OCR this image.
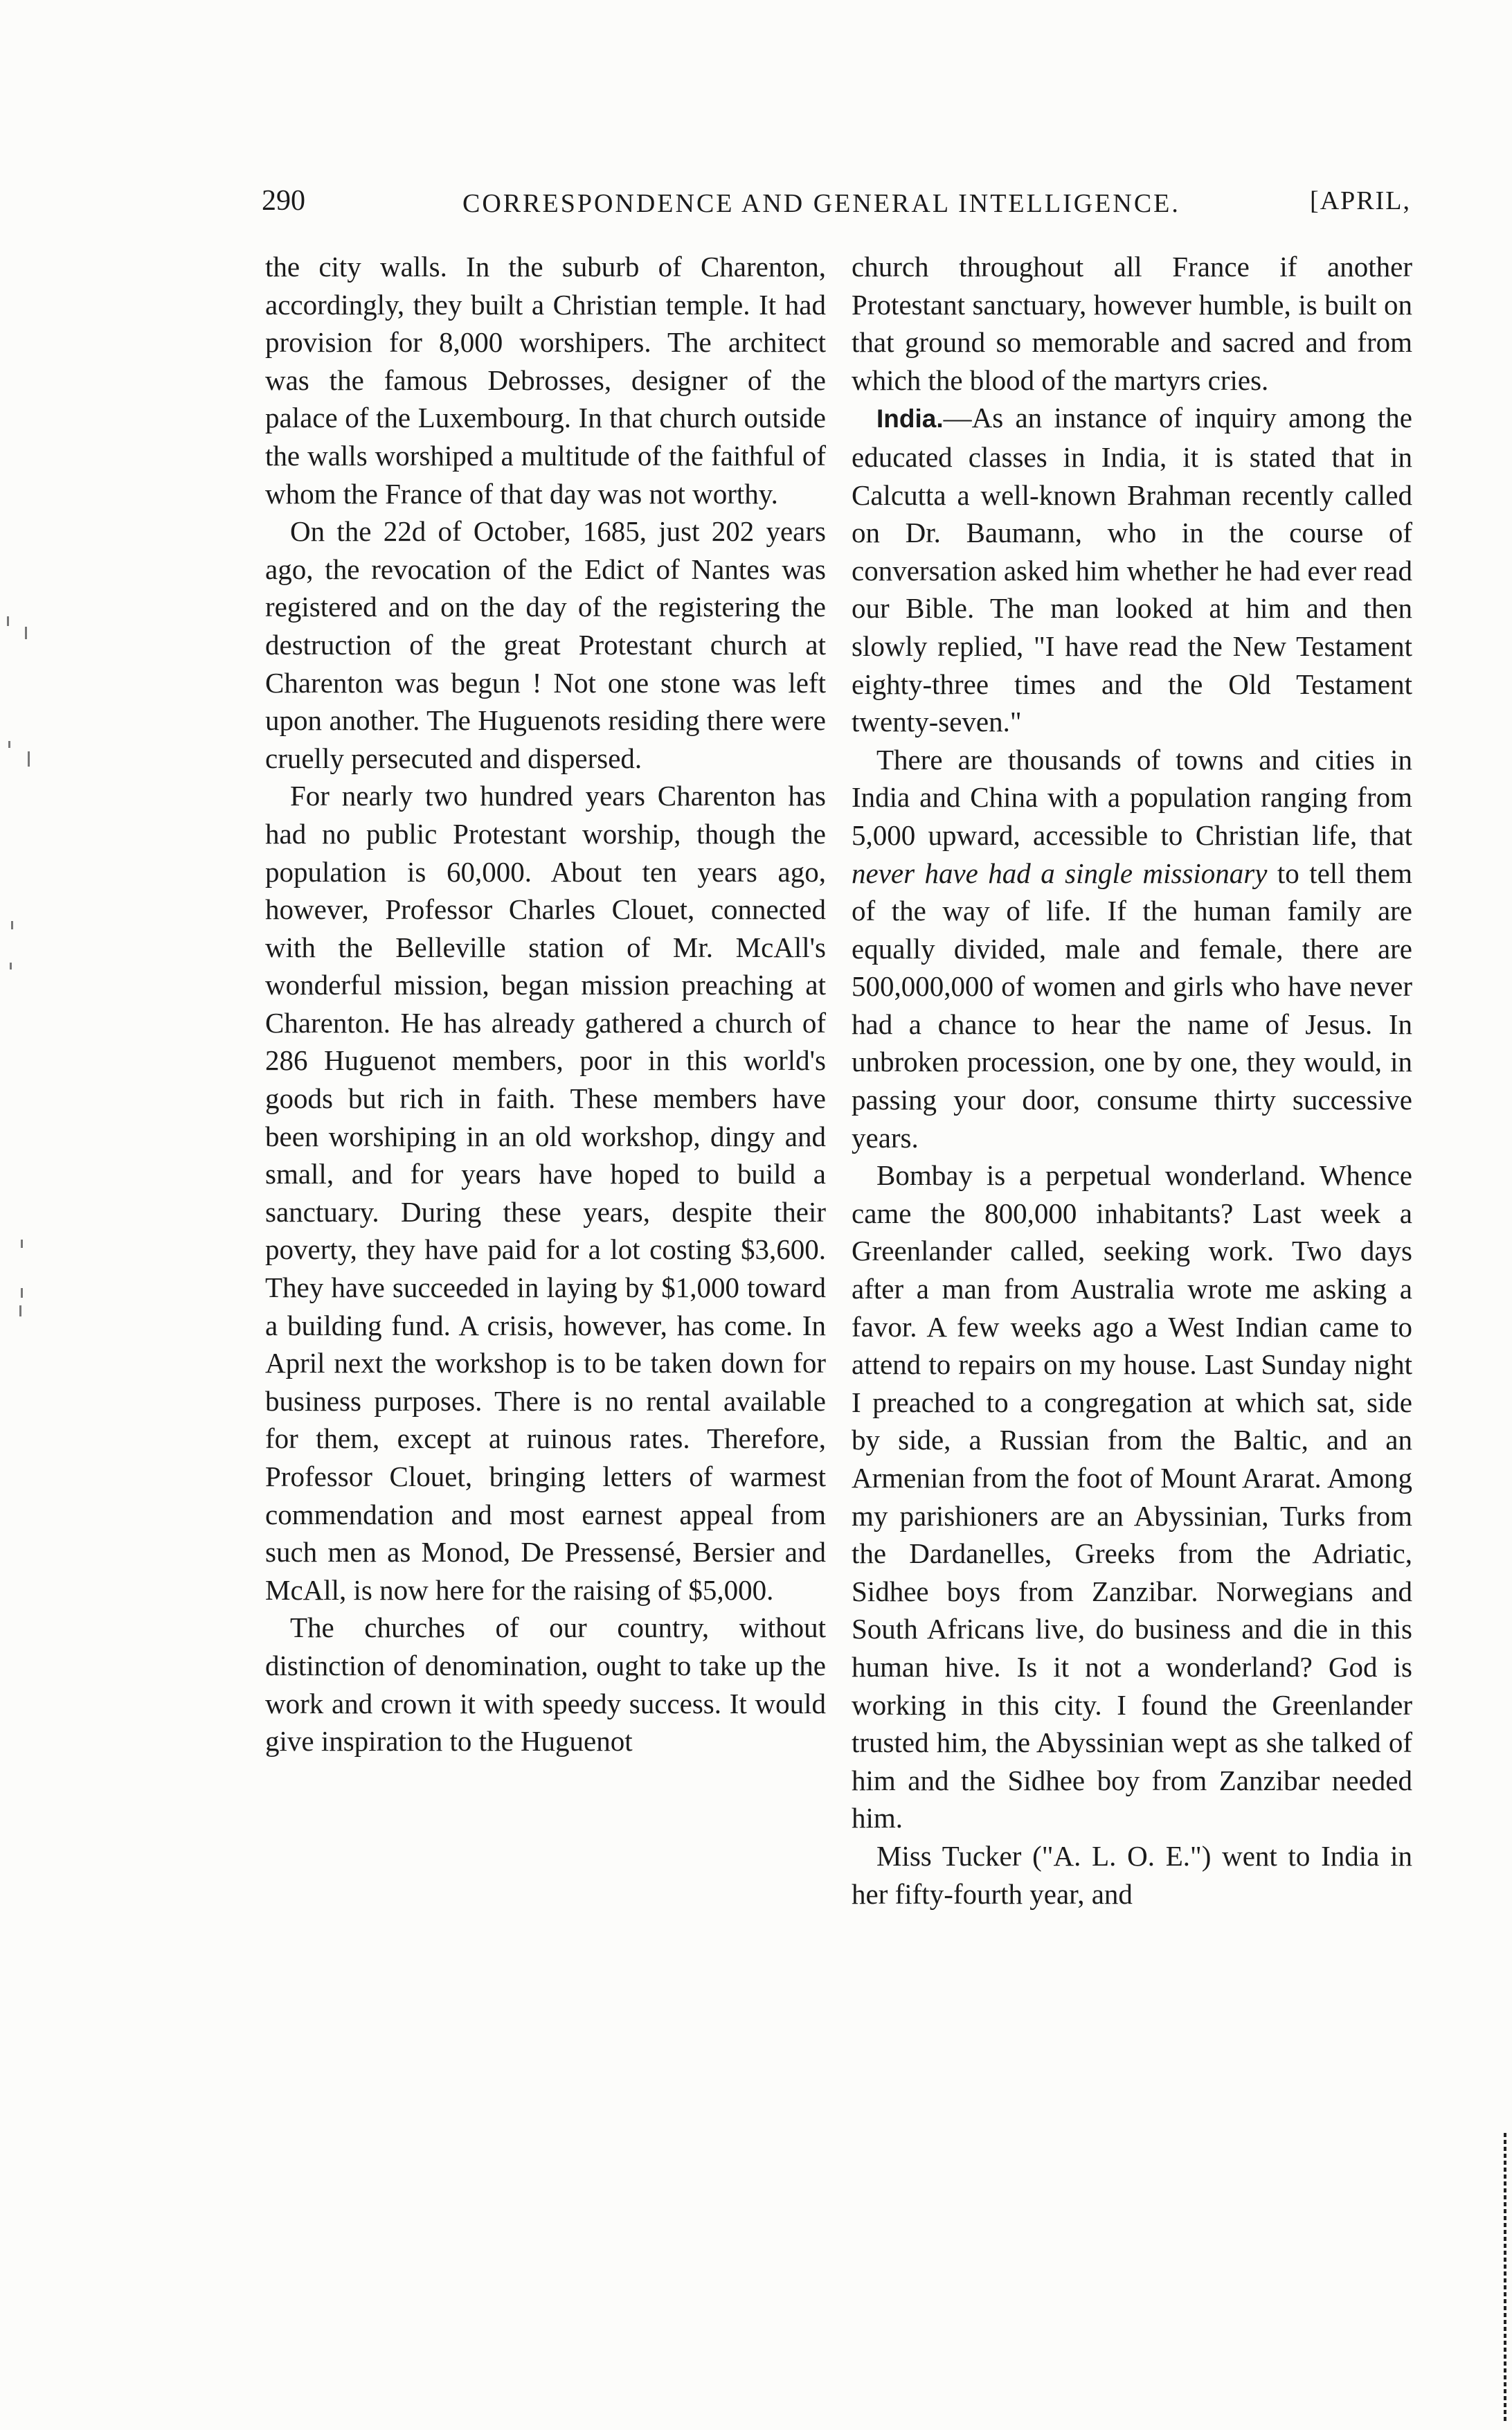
290	CORRESPONDENCE AND GENERAL INTELLIGENCE.	[APRIL,

the city walls. In the suburb of Charenton, accordingly, they built a Christian temple. It had provision for 8,000 worshipers. The architect was the famous Debrosses, designer of the palace of the Luxembourg. In that church outside the walls worshiped a multitude of the faithful of whom the France of that day was not worthy.

On the 22d of October, 1685, just 202 years ago, the revocation of the Edict of Nantes was registered and on the day of the registering the destruction of the great Protestant church at Charenton was begun ! Not one stone was left upon another. The Huguenots residing there were cruelly persecuted and dispersed.

For nearly two hundred years Charenton has had no public Protestant worship, though the population is 60,000. About ten years ago, however, Professor Charles Clouet, connected with the Belleville station of Mr. McAll's wonderful mission, began mission preaching at Charenton. He has already gathered a church of 286 Huguenot members, poor in this world's goods but rich in faith. These members have been worshiping in an old workshop, dingy and small, and for years have hoped to build a sanctuary. During these years, despite their poverty, they have paid for a lot costing $3,600. They have succeeded in laying by $1,000 toward a building fund. A crisis, however, has come. In April next the workshop is to be taken down for business purposes. There is no rental available for them, except at ruinous rates. Therefore, Professor Clouet, bringing letters of warmest commendation and most earnest appeal from such men as Monod, De Pressensé, Bersier and McAll, is now here for the raising of $5,000.

The churches of our country, without distinction of denomination, ought to take up the work and crown it with speedy success. It would give inspiration to the Huguenot

church throughout all France if another Protestant sanctuary, however humble, is built on that ground so memorable and sacred and from which the blood of the martyrs cries.

India.—As an instance of inquiry among the educated classes in India, it is stated that in Calcutta a well-known Brahman recently called on Dr. Baumann, who in the course of conversation asked him whether he had ever read our Bible. The man looked at him and then slowly replied, "I have read the New Testament eighty-three times and the Old Testament twenty-seven."

There are thousands of towns and cities in India and China with a population ranging from 5,000 upward, accessible to Christian life, that never have had a single missionary to tell them of the way of life. If the human family are equally divided, male and female, there are 500,000,000 of women and girls who have never had a chance to hear the name of Jesus. In unbroken procession, one by one, they would, in passing your door, consume thirty successive years.

Bombay is a perpetual wonderland. Whence came the 800,000 inhabitants? Last week a Greenlander called, seeking work. Two days after a man from Australia wrote me asking a favor. A few weeks ago a West Indian came to attend to repairs on my house. Last Sunday night I preached to a congregation at which sat, side by side, a Russian from the Baltic, and an Armenian from the foot of Mount Ararat. Among my parishioners are an Abyssinian, Turks from the Dardanelles, Greeks from the Adriatic, Sidhee boys from Zanzibar. Norwegians and South Africans live, do business and die in this human hive. Is it not a wonderland? God is working in this city. I found the Greenlander trusted him, the Abyssinian wept as she talked of him and the Sidhee boy from Zanzibar needed him.

Miss Tucker ("A. L. O. E.") went to India in her fifty-fourth year, and
